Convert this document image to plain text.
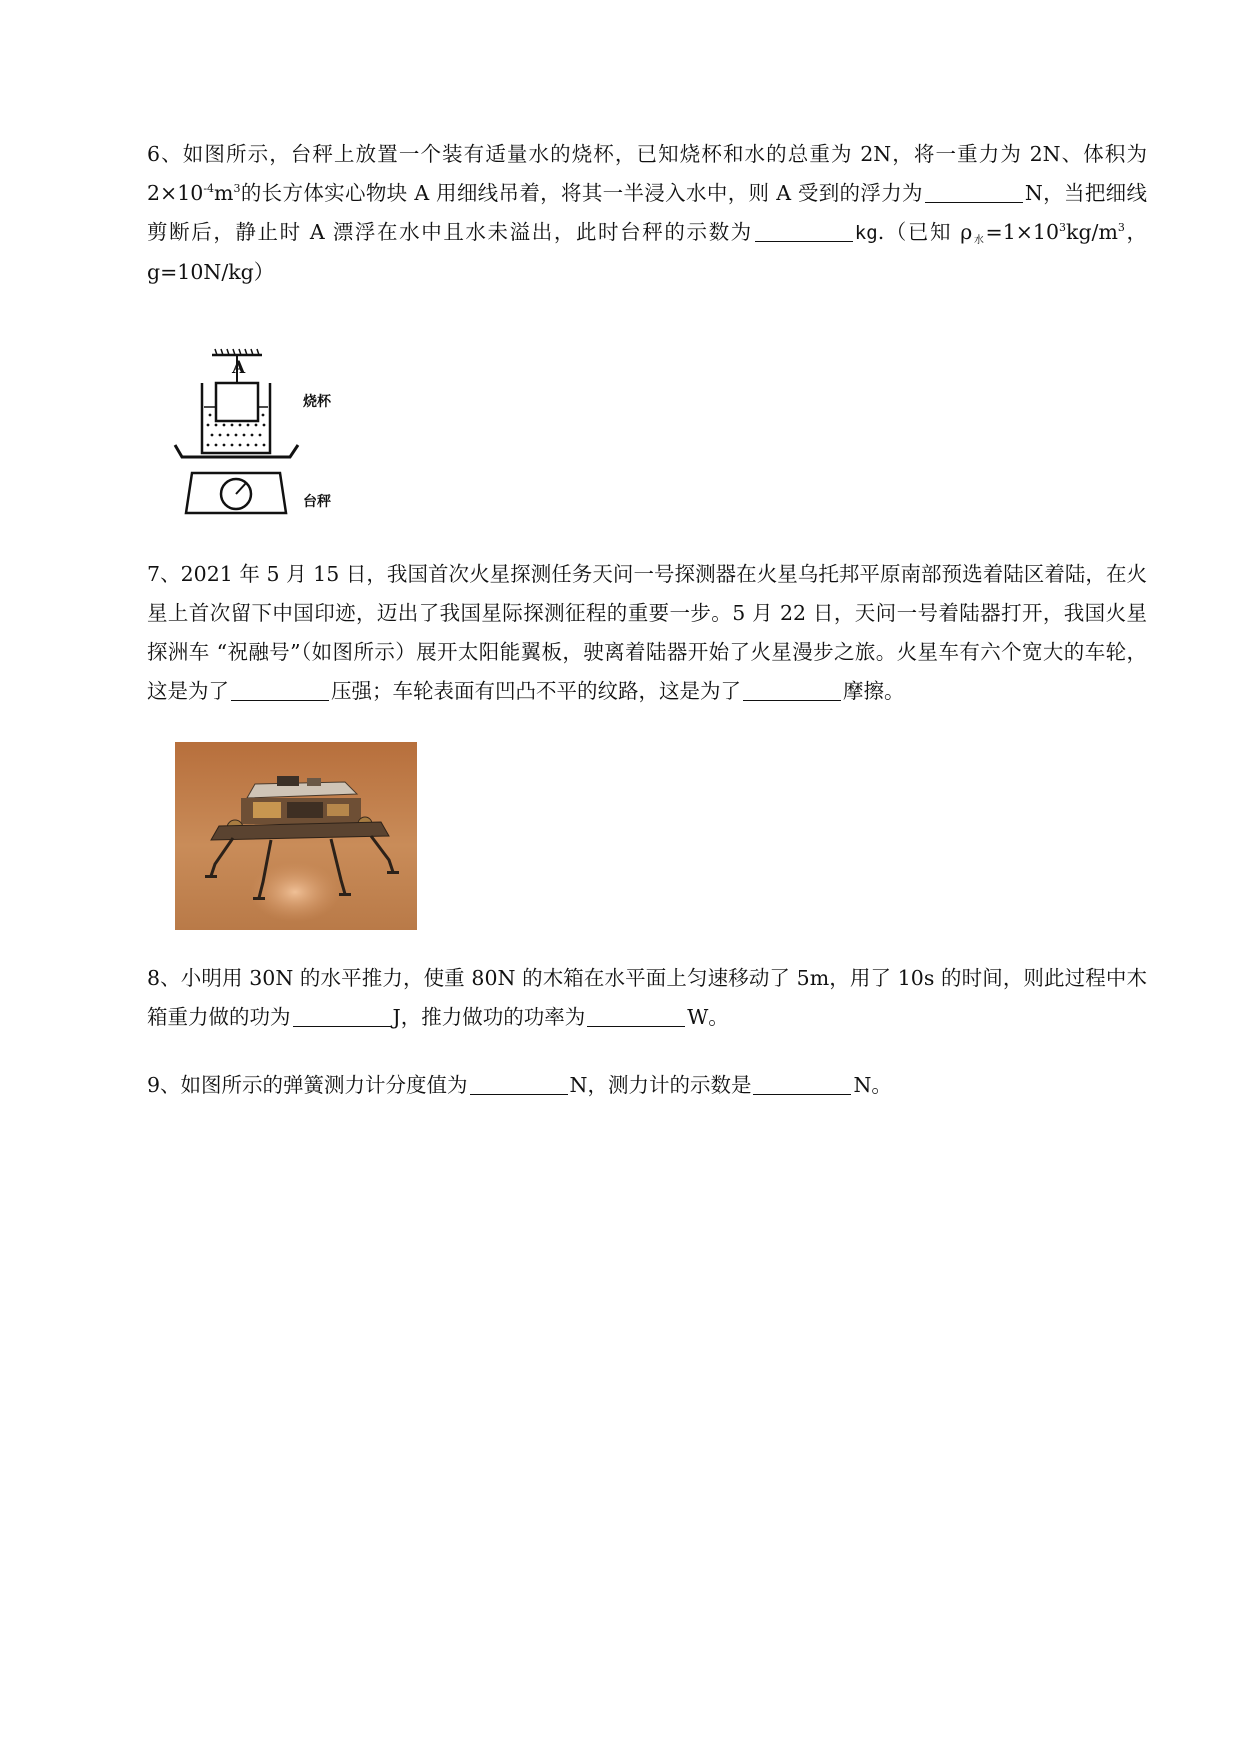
6、如图所示，台秤上放置一个装有适量水的烧杯，已知烧杯和水的总重为 2N，将一重力为 2N、体积为 $2\times 10^{-4}m^3$的长方体实心物块 A 用细线吊着，将其一半浸入水中，则 A 受到的浮力为	N，当把细线剪断后，静止时 A 漂浮在水中且水未溢出，此时台秤的示数为	kg.（已知 $\rho_水=1\times 10^3kg/m^3$，g=10N/kg）
A
烧杯
台秤
7、2021 年 5 月 15 日，我国首次火星探测任务天问一号探测器在火星乌托邦平原南部预选着陆区着陆，在火星上首次留下中国印迹，迈出了我国星际探测征程的重要一步。5 月 22 日，天问一号着陆器打开，我国火星探洲车 “祝融号”（如图所示）展开太阳能翼板，驶离着陆器开始了火星漫步之旅。火星车有六个宽大的车轮，这是为了	压强；车轮表面有凹凸不平的纹路，这是为了	摩擦。
8、小明用 30N 的水平推力，使重 80N 的木箱在水平面上匀速移动了 5m，用了 10s 的时间，则此过程中木箱重力做的功为	J，推力做功的功率为	W。
9、如图所示的弹簧测力计分度值为	N，测力计的示数是	N。
